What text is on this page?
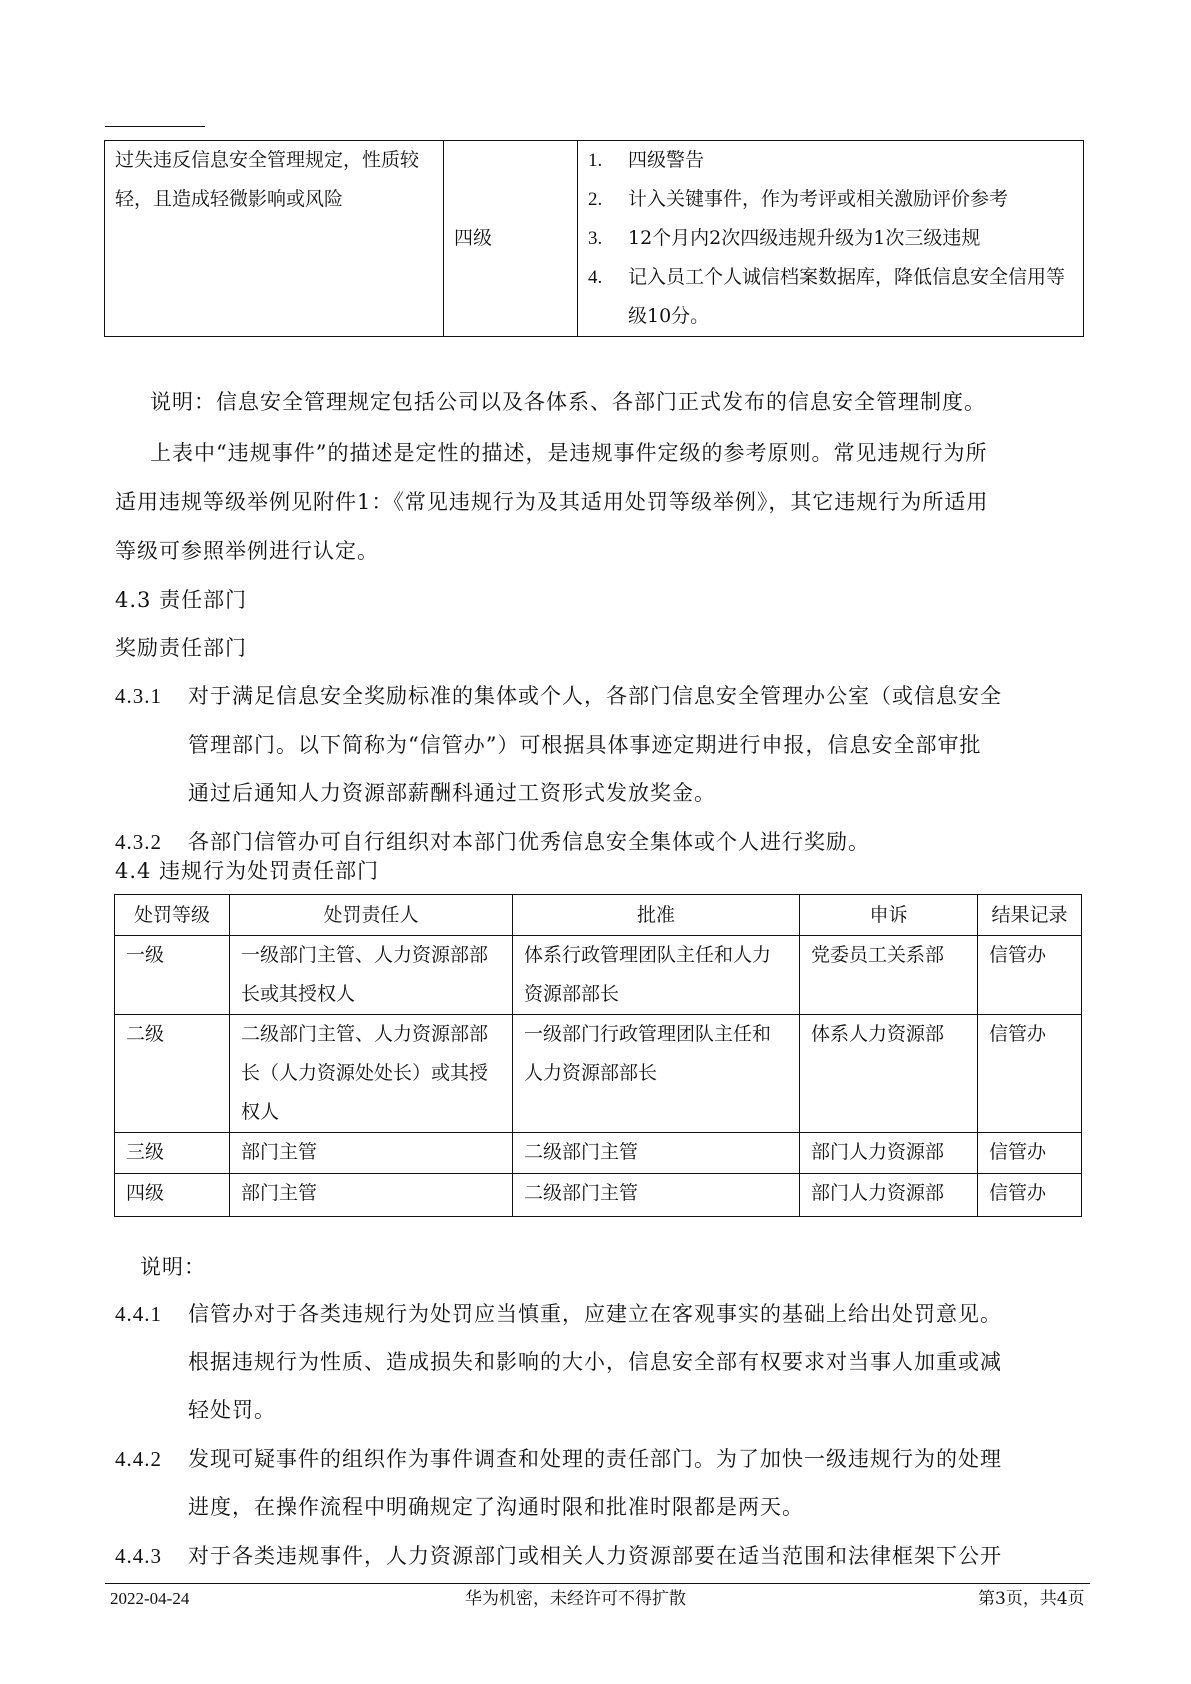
过失违反信息安全管理规定，性质较轻，且造成轻微影响或风险	四级	
1.	四级警告
2.	计入关键事件，作为考评或相关激励评价参考
3.	12个月内2次四级违规升级为1次三级违规
4.	记入员工个人诚信档案数据库，降低信息安全信用等级10分。
说明：信息安全管理规定包括公司以及各体系、各部门正式发布的信息安全管理制度。
上表中“违规事件”的描述是定性的描述，是违规事件定级的参考原则。常见违规行为所
适用违规等级举例见附件1：《常见违规行为及其适用处罚等级举例》，其它违规行为所适用
等级可参照举例进行认定。
4.3 责任部门
奖励责任部门
4.3.1 对于满足信息安全奖励标准的集体或个人，各部门信息安全管理办公室（或信息安全
管理部门。以下简称为“信管办”）可根据具体事迹定期进行申报，信息安全部审批
通过后通知人力资源部薪酬科通过工资形式发放奖金。
4.3.2 各部门信管办可自行组织对本部门优秀信息安全集体或个人进行奖励。
4.4 违规行为处罚责任部门
处罚等级	处罚责任人	批准	申诉	结果记录
一级	一级部门主管、人力资源部部长或其授权人	体系行政管理团队主任和人力资源部部长	党委员工关系部	信管办
二级	二级部门主管、人力资源部部长（人力资源处处长）或其授权人	一级部门行政管理团队主任和人力资源部部长	体系人力资源部	信管办
三级	部门主管	二级部门主管	部门人力资源部	信管办
四级	部门主管	二级部门主管	部门人力资源部	信管办
说明：
4.4.1 信管办对于各类违规行为处罚应当慎重，应建立在客观事实的基础上给出处罚意见。
根据违规行为性质、造成损失和影响的大小，信息安全部有权要求对当事人加重或减
轻处罚。
4.4.2 发现可疑事件的组织作为事件调查和处理的责任部门。为了加快一级违规行为的处理
进度，在操作流程中明确规定了沟通时限和批准时限都是两天。
4.4.3 对于各类违规事件，人力资源部门或相关人力资源部要在适当范围和法律框架下公开
2022-04-24	华为机密，未经许可不得扩散	第3页，共4页
